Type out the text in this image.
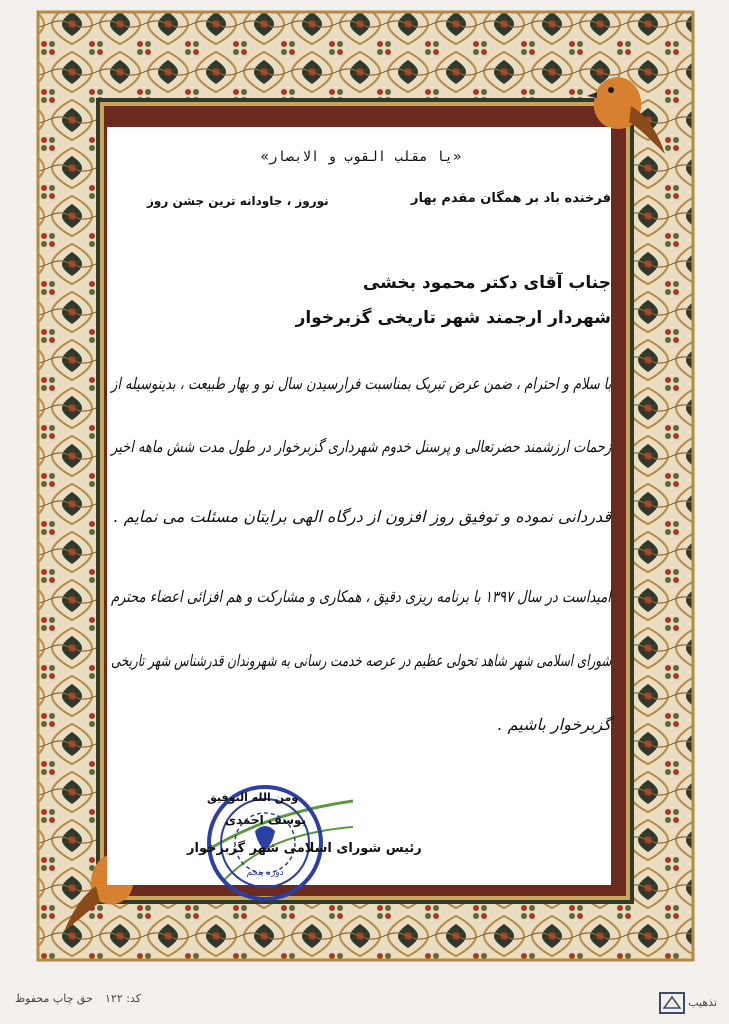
«یا مقلب القوب و الابصار»

فرخنده باد بر همگان مقدم بهار

نوروز ، جاودانه ترین جشن روز

جناب آقای دکتر محمود بخشی

شهردار ارجمند شهر تاریخی گزبرخوار

با سلام و احترام ، ضمن عرض تبریک بمناسبت فرارسیدن سال نو و بهار طبیعت ، بدینوسیله از

زحمات ارزشمند حضرتعالی و پرسنل خدوم شهرداری گزبرخوار در طول مدت شش ماهه اخیر

قدردانی نموده و توفیق روز افزون از درگاه الهی برایتان مسئلت می نمایم .

امیداست در سال ۱۳۹۷ با برنامه ریزی دقیق ، همکاری و مشارکت و هم افزائی اعضاء محترم

شورای اسلامی شهر شاهد تحولی عظیم در عرصه خدمت رسانی به شهروندان قدرشناس شهر تاریخی

گزبرخوار باشیم .

دوره پنجم

ومن الله التوفیق

یوسف احمدی

رئیس شورای اسلامی شهر گزبرخوار

تذهیب
کد: ۱۲۲
حق چاپ محفوظ
